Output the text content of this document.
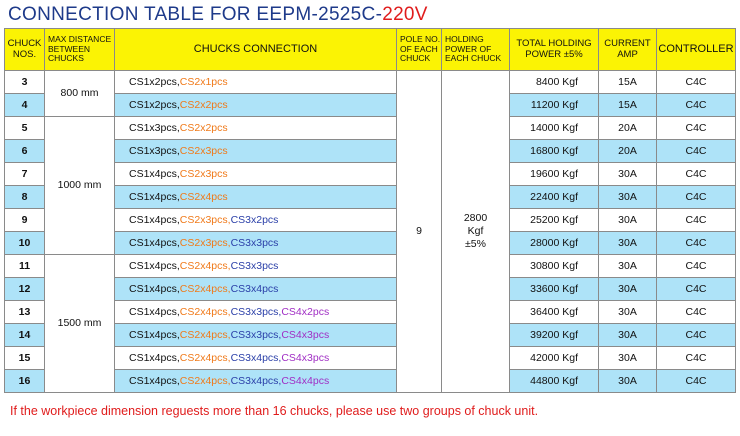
CONNECTION TABLE FOR EEPM-2525C-220V
CHUCK NOS.	MAX DISTANCE BETWEEN CHUCKS	CHUCKS CONNECTION	POLE NO. OF EACH CHUCK	HOLDING POWER OF EACH CHUCK	TOTAL HOLDING POWER ±5%	CURRENT AMP	CONTROLLER
3	800 mm	CS1x2pcs,CS2x1pcs	9	2800 Kgf ±5%	8400 Kgf	15A	C4C
4		CS1x2pcs,CS2x2pcs			11200 Kgf	15A	C4C
5	1000 mm	CS1x3pcs,CS2x2pcs			14000 Kgf	20A	C4C
6		CS1x3pcs,CS2x3pcs			16800 Kgf	20A	C4C
7		CS1x4pcs,CS2x3pcs			19600 Kgf	30A	C4C
8		CS1x4pcs,CS2x4pcs			22400 Kgf	30A	C4C
9		CS1x4pcs,CS2x3pcs,CS3x2pcs			25200 Kgf	30A	C4C
10		CS1x4pcs,CS2x3pcs,CS3x3pcs			28000 Kgf	30A	C4C
11	1500 mm	CS1x4pcs,CS2x4pcs,CS3x3pcs			30800 Kgf	30A	C4C
12		CS1x4pcs,CS2x4pcs,CS3x4pcs			33600 Kgf	30A	C4C
13		CS1x4pcs,CS2x4pcs,CS3x3pcs,CS4x2pcs			36400 Kgf	30A	C4C
14		CS1x4pcs,CS2x4pcs,CS3x3pcs,CS4x3pcs			39200 Kgf	30A	C4C
15		CS1x4pcs,CS2x4pcs,CS3x4pcs,CS4x3pcs			42000 Kgf	30A	C4C
16		CS1x4pcs,CS2x4pcs,CS3x4pcs,CS4x4pcs			44800 Kgf	30A	C4C
If the workpiece dimension reguests more than 16 chucks, please use two groups of chuck unit.
